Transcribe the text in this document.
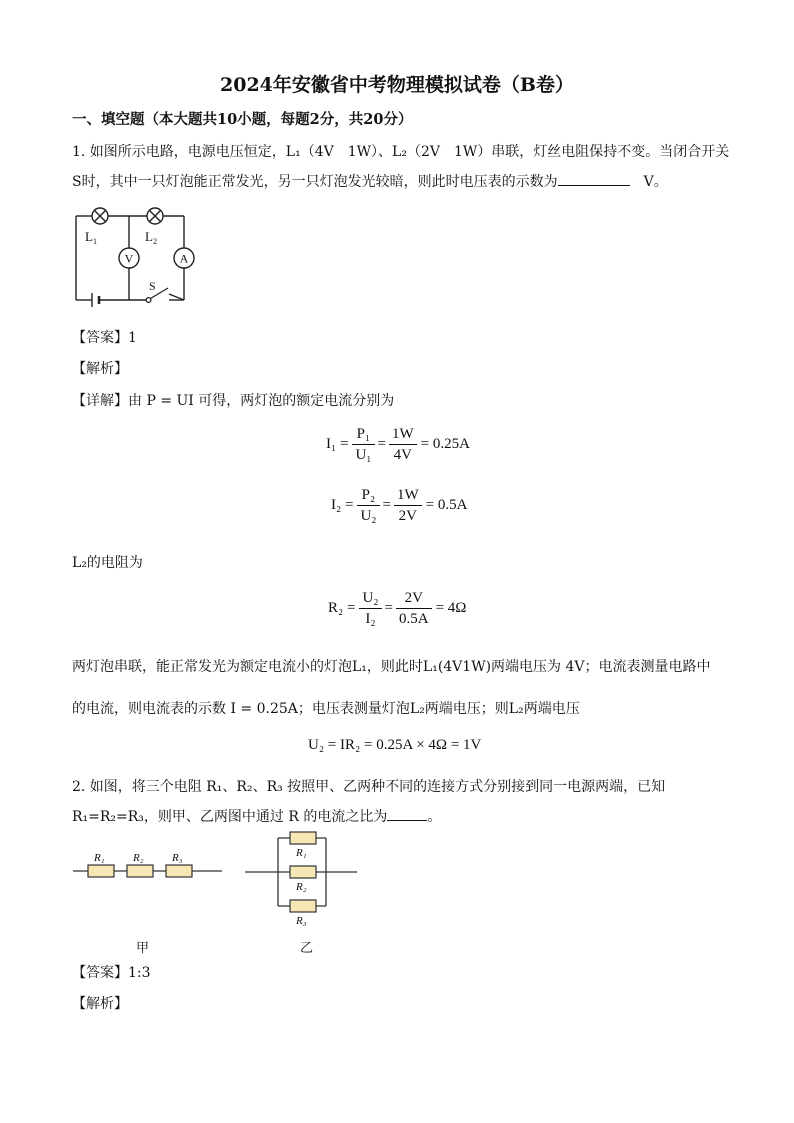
2024年安徽省中考物理模拟试卷（B卷）
一、填空题（本大题共10小题，每题2分，共20分）
1. 如图所示电路，电源电压恒定，L₁（4V　1W）、L₂（2V　1W）串联，灯丝电阻保持不变。当闭合开关
S时，其中一只灯泡能正常发光，另一只灯泡发光较暗，则此时电压表的示数为　	V。
V	A
L 1	L 2
S
【答案】1
【解析】
【详解】由 P = UI 可得，两灯泡的额定电流分别为
$I_1 = \frac{\text{P₁}}{\text{U₁}} = \frac{1W}{4V} = 0.25A$
$I_2 = \frac{\text{P₂}}{\text{U₂}} = \frac{1W}{2V} = 0.5A$
L₂的电阻为
$R_2 = \frac{\text{U₂}}{\text{I₂}} = \frac{2V}{0.5A} = 4\Omega$
两灯泡串联，能正常发光为额定电流小的灯泡L₁，则此时L₁(4V1W)两端电压为 4V；电流表测量电路中
的电流，则电流表的示数 I = 0.25A；电压表测量灯泡L₂两端电压；则L₂两端电压
U₂ = IR₂ = 0.25A × 4Ω = 1V
2. 如图，将三个电阻 R₁、R₂、R₃ 按照甲、乙两种不同的连接方式分别接到同一电源两端，已知
R₁=R₂=R₃，则甲、乙两图中通过 R 的电流之比为	。
R₁	R₂	R₃	R₁
R₂
R₃
甲	乙
【答案】1:3
【解析】
